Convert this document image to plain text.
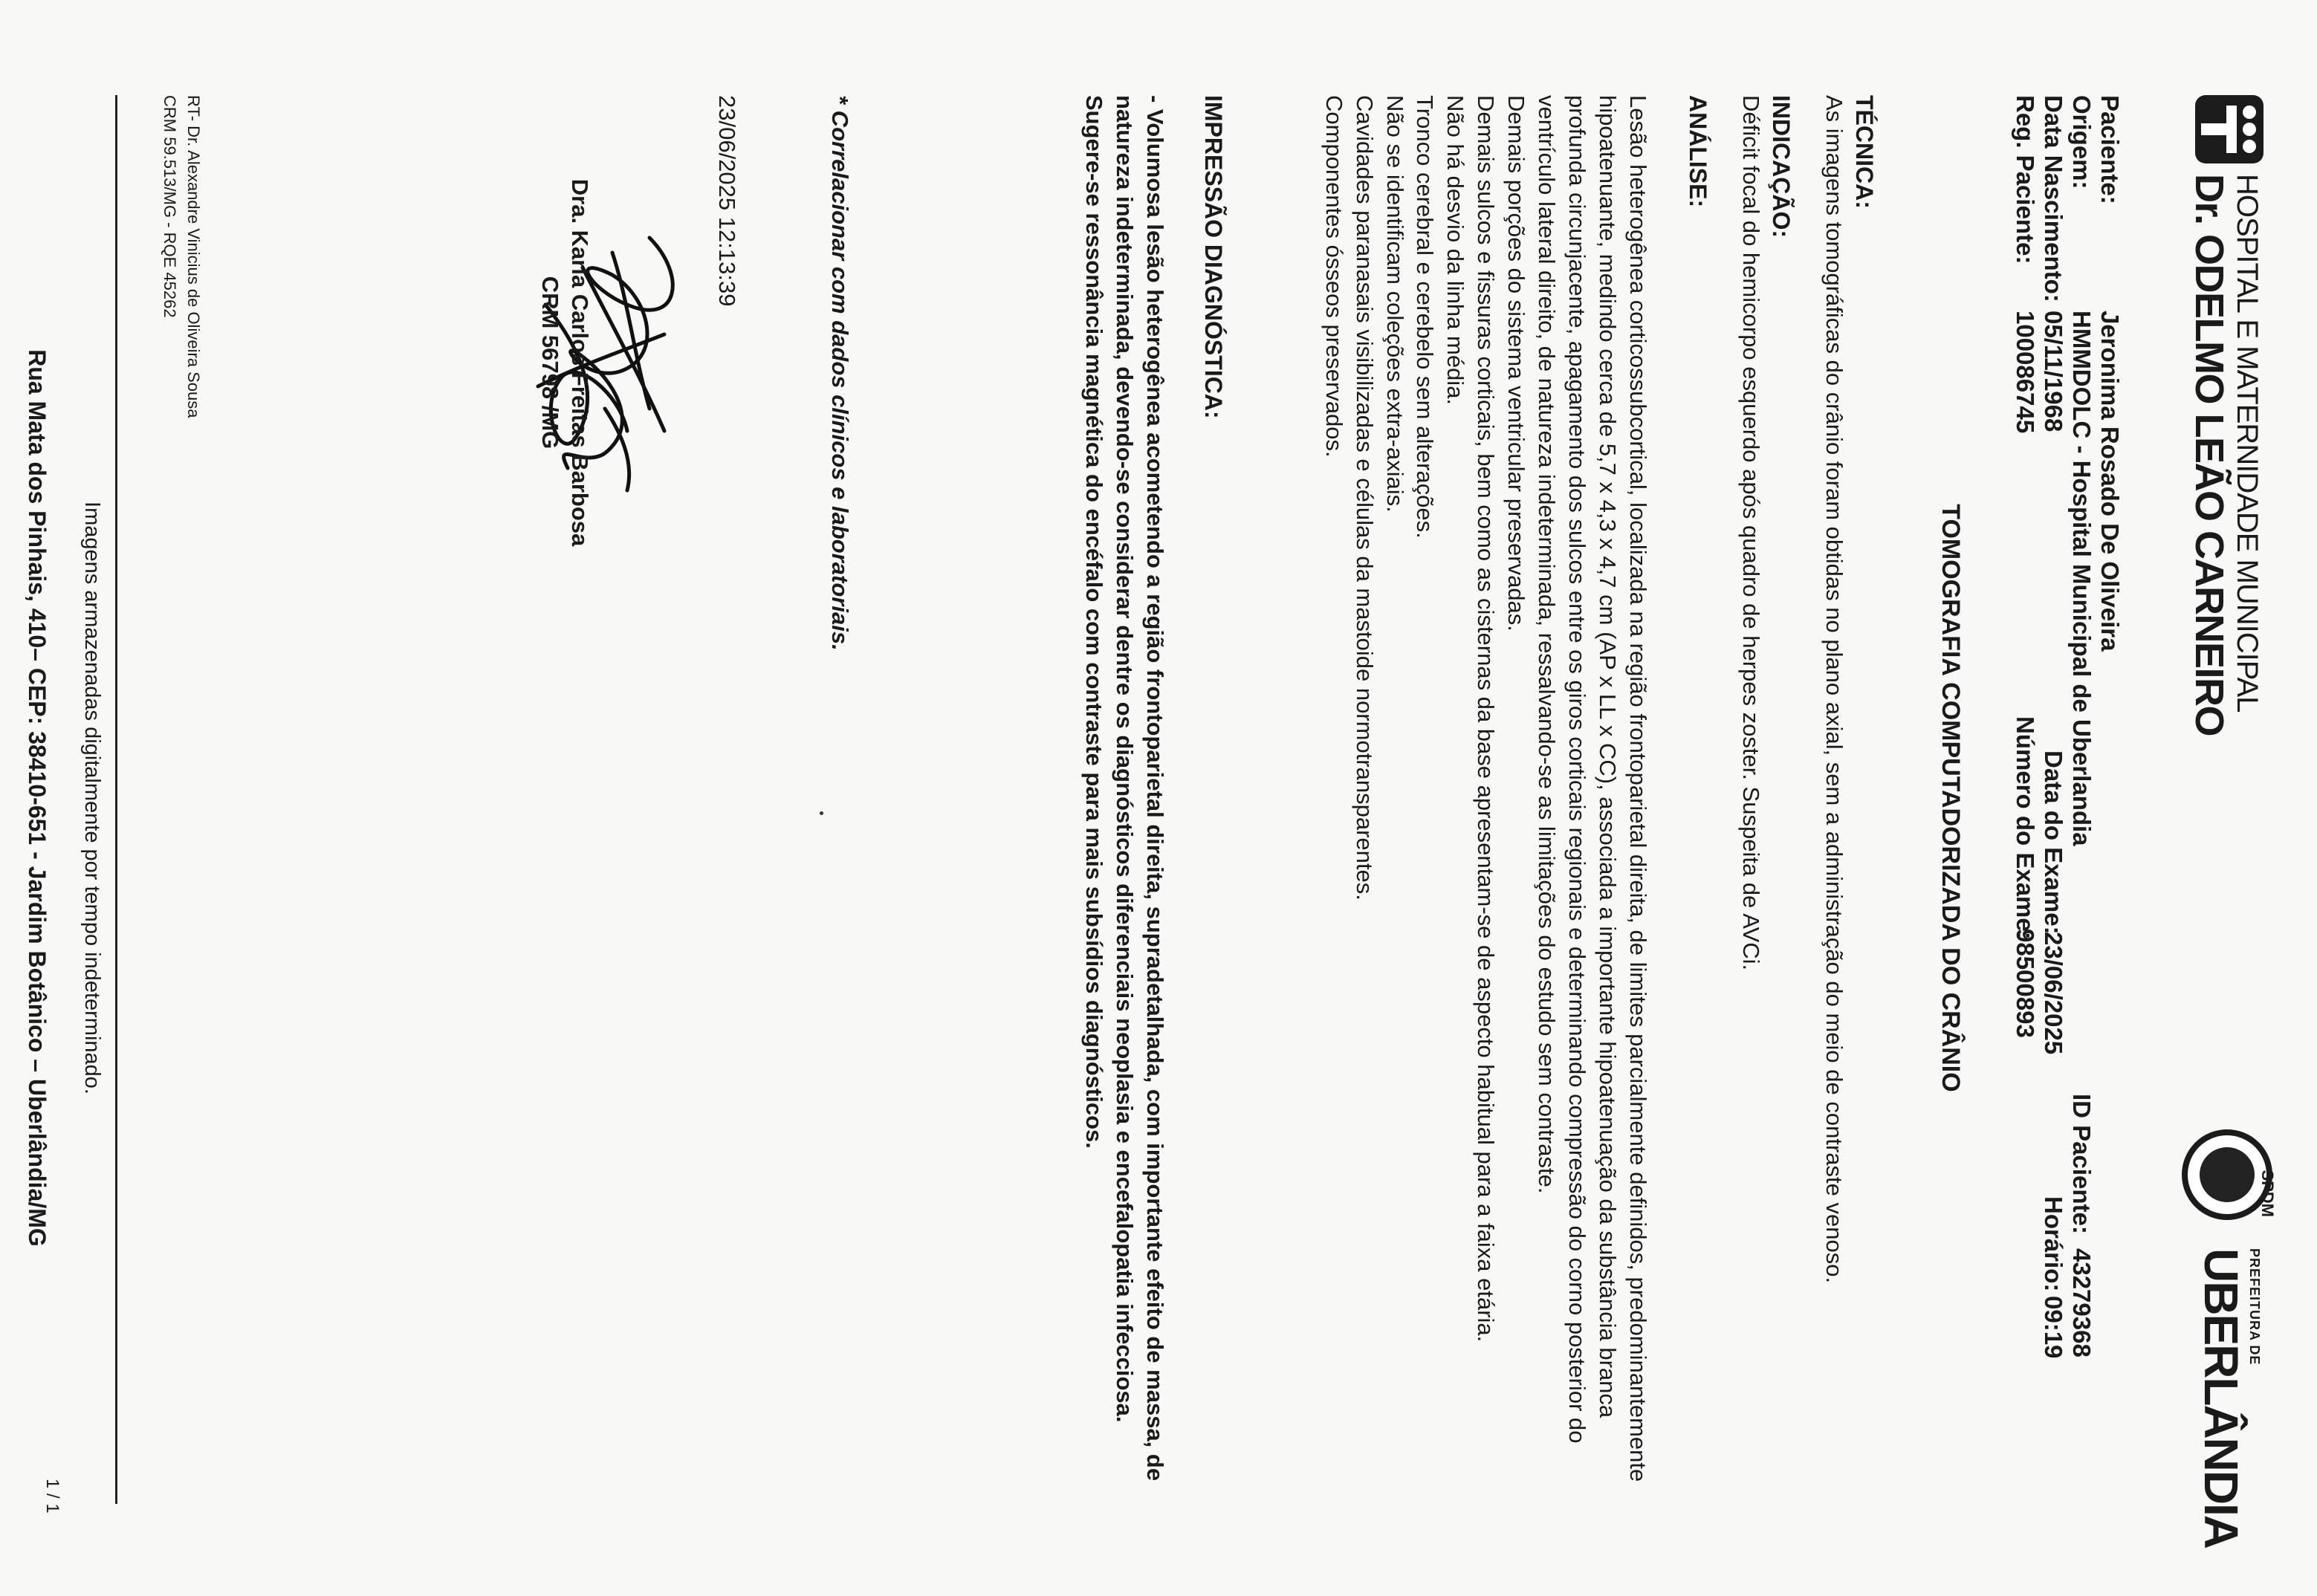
HOSPITAL E MATERNIDADE MUNICIPAL
Dr. ODELMO LEÃO CARNEIRO
SPDM
PREFEITURA DE
UBERLÂNDIA
Paciente:
Jeronima Rosado De Oliveira
Origem:
HMMDOLC - Hospital Municipal de Uberlandia
ID Paciente:
43279368
Data Nascimento:
05/11/1968
Data do Exame:
23/06/2025
Horário:
09:19
Reg. Paciente:
100086745
Número do Exame:
98500893
TOMOGRAFIA COMPUTADORIZADA DO CRÂNIO
TÉCNICA:

As imagens tomográficas do crânio foram obtidas no plano axial, sem a administração do meio de contraste venoso.

INDICAÇÃO:

Déficit focal do hemicorpo esquerdo após quadro de herpes zoster. Suspeita de AVCi.

ANÁLISE:

Lesão heterogênea corticossubcortical, localizada na região frontoparietal direita, de limites parcialmente definidos, predominantemente hipoatenuante, medindo cerca de 5,7 x 4,3 x 4,7 cm (AP x LL x CC), associada a importante hipoatenuação da substância branca profunda circunjacente, apagamento dos sulcos entre os giros corticais regionais e determinando compressão do corno posterior do ventrículo lateral direito, de natureza indeterminada, ressalvando-se as limitações do estudo sem contraste.

Demais porções do sistema ventricular preservadas.

Demais sulcos e fissuras corticais, bem como as cisternas da base apresentam-se de aspecto habitual para a faixa etária.

Não há desvio da linha média.

Tronco cerebral e cerebelo sem alterações.

Não se identificam coleções extra-axiais.

Cavidades paranasais visibilizadas e células da mastoide normotransparentes.

Componentes ósseos preservados.

IMPRESSÃO DIAGNÓSTICA:

- Volumosa lesão heterogênea acometendo a região frontoparietal direita, supradetalhada, com importante efeito de massa, de natureza indeterminada, devendo-se considerar dentre os diagnósticos diferenciais neoplasia e encefalopatia infecciosa. Sugere-se ressonância magnética do encéfalo com contraste para mais subsídios diagnósticos.

* Correlacionar com dados clínicos e laboratoriais.
23/06/2025 12:13:39
Dra. Karla Carlos Freitas Barbosa
CRM 56798 /MG
RT- Dr. Alexandre Vinicius de Oliveira Sousa
CRM 59.513/MG - RQE 45262
1 / 1
Imagens armazenadas digitalmente por tempo indeterminado.
Rua Mata dos Pinhais, 410– CEP: 38410-651 - Jardim Botânico – Uberlândia/MG
